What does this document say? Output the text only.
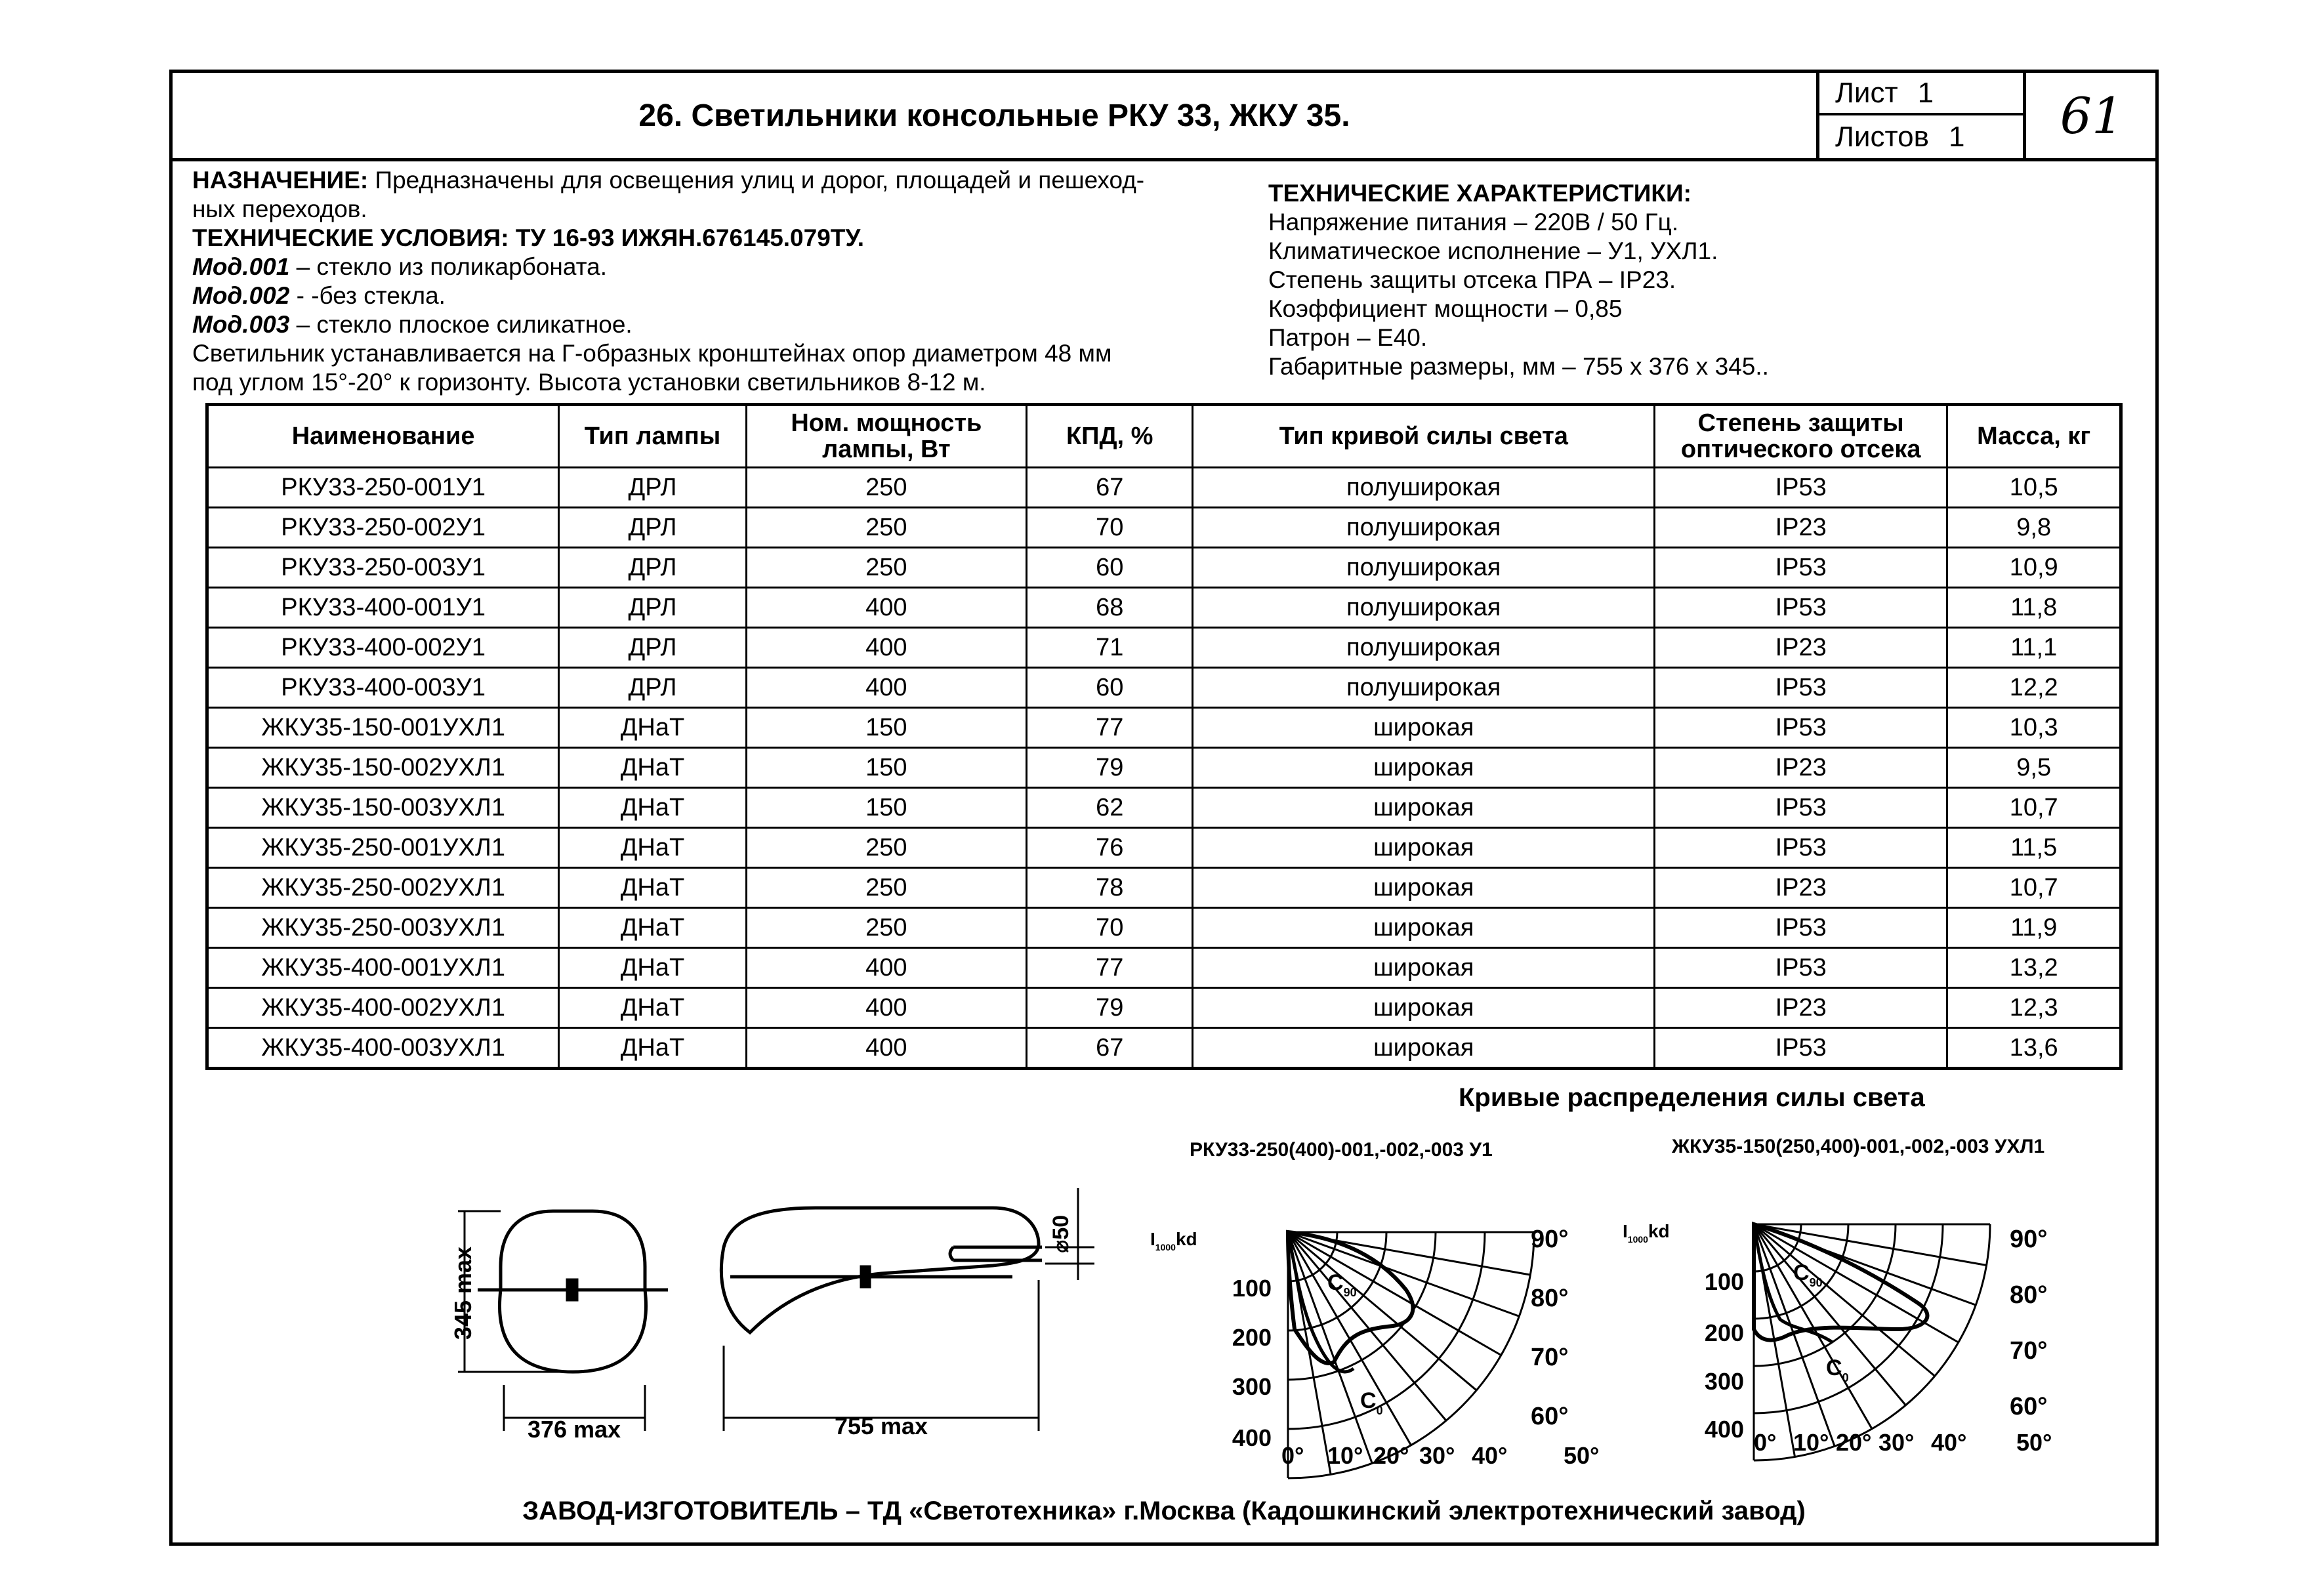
26. Светильники консольные РКУ 33, ЖКУ 35.
Лист 1
Листов 1	61
НАЗНАЧЕНИЕ: Предназначены для освещения улиц и дорог, площадей и пешеход-
ных переходов.
ТЕХНИЧЕСКИЕ УСЛОВИЯ: ТУ 16-93 ИЖЯН.676145.079ТУ.
Мод.001 – стекло из поликарбоната.
Мод.002 - -без стекла.
Мод.003 – стекло плоское силикатное.
Светильник устанавливается на Г-образных кронштейнах опор диаметром 48 мм
под углом 15°-20° к горизонту. Высота установки светильников 8-12 м.
ТЕХНИЧЕСКИЕ ХАРАКТЕРИСТИКИ:
Напряжение питания – 220В / 50 Гц.
Климатическое исполнение – У1, УХЛ1.
Степень защиты отсека ПРА – IP23.
Коэффициент мощности – 0,85
Патрон – Е40.
Габаритные размеры, мм – 755 х 376 х 345..
Наименование	Тип лампы	Ном. мощность лампы, Вт	КПД, %	Тип кривой силы света	Степень защиты оптического отсека	Масса, кг
РКУ33-250-001У1	ДРЛ	250	67	полуширокая	IP53	10,5
РКУ33-250-002У1	ДРЛ	250	70	полуширокая	IP23	9,8
РКУ33-250-003У1	ДРЛ	250	60	полуширокая	IP53	10,9
РКУ33-400-001У1	ДРЛ	400	68	полуширокая	IP53	11,8
РКУ33-400-002У1	ДРЛ	400	71	полуширокая	IP23	11,1
РКУ33-400-003У1	ДРЛ	400	60	полуширокая	IP53	12,2
ЖКУ35-150-001УХЛ1	ДНаТ	150	77	широкая	IP53	10,3
ЖКУ35-150-002УХЛ1	ДНаТ	150	79	широкая	IP23	9,5
ЖКУ35-150-003УХЛ1	ДНаТ	150	62	широкая	IP53	10,7
ЖКУ35-250-001УХЛ1	ДНаТ	250	76	широкая	IP53	11,5
ЖКУ35-250-002УХЛ1	ДНаТ	250	78	широкая	IP23	10,7
ЖКУ35-250-003УХЛ1	ДНаТ	250	70	широкая	IP53	11,9
ЖКУ35-400-001УХЛ1	ДНаТ	400	77	широкая	IP53	13,2
ЖКУ35-400-002УХЛ1	ДНаТ	400	79	широкая	IP23	12,3
ЖКУ35-400-003УХЛ1	ДНаТ	400	67	широкая	IP53	13,6
Кривые распределения силы света
РКУ33-250(400)-001,-002,-003 У1	ЖКУ35-150(250,400)-001,-002,-003 УХЛ1
345 max
376 max	755 max
⌀50	$I_{1000}kd$
100
200
300
400
90°
80°
70°
60°
0° 10° 20° 30° 40° 50°
$C_{90}$
$C_0$
$I_{1000}kd$
100
200
300
400
90°
80°
70°
60°
0° 10° 20° 30° 40° 50°
$C_{90}$
$C_0$
ЗАВОД-ИЗГОТОВИТЕЛЬ – ТД «Светотехника» г.Москва (Кадошкинский электротехнический завод)
